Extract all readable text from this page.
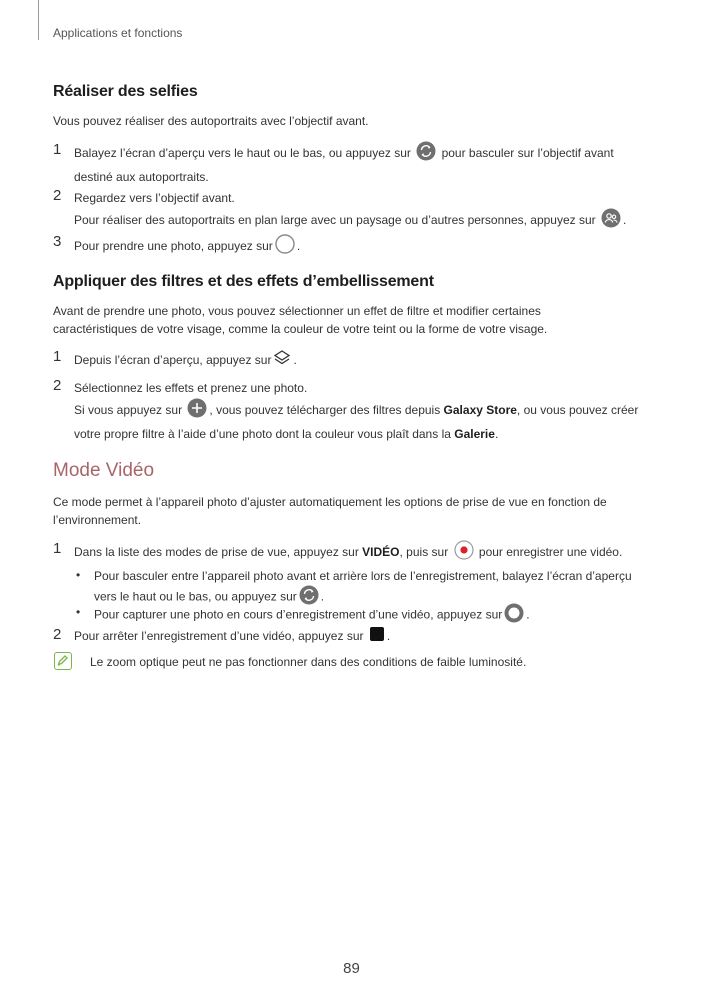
Applications et fonctions
Réaliser des selfies
Vous pouvez réaliser des autoportraits avec l’objectif avant.
1 Balayez l’écran d’aperçu vers le haut ou le bas, ou appuyez sur	pour basculer sur l’objectif avant
destiné aux autoportraits.
2 Regardez vers l’objectif avant.
Pour réaliser des autoportraits en plan large avec un paysage ou d’autres personnes, appuyez sur .
3 Pour prendre une photo, appuyez sur .
Appliquer des filtres et des effets d’embellissement
Avant de prendre une photo, vous pouvez sélectionner un effet de filtre et modifier certaines
caractéristiques de votre visage, comme la couleur de votre teint ou la forme de votre visage.
1 Depuis l’écran d’aperçu, appuyez sur .
2 Sélectionnez les effets et prenez une photo.
Si vous appuyez sur , vous pouvez télécharger des filtres depuis Galaxy Store, ou vous pouvez créer
votre propre filtre à l’aide d’une photo dont la couleur vous plaît dans la Galerie.
Mode Vidéo
Ce mode permet à l’appareil photo d’ajuster automatiquement les options de prise de vue en fonction de
l’environnement.
1 Dans la liste des modes de prise de vue, appuyez sur VIDÉO, puis sur	pour enregistrer une vidéo.
• Pour basculer entre l’appareil photo avant et arrière lors de l’enregistrement, balayez l’écran d’aperçu
vers le haut ou le bas, ou appuyez sur .
• Pour capturer une photo en cours d’enregistrement d’une vidéo, appuyez sur .
2 Pour arrêter l’enregistrement d’une vidéo, appuyez sur .
Le zoom optique peut ne pas fonctionner dans des conditions de faible luminosité.
89
